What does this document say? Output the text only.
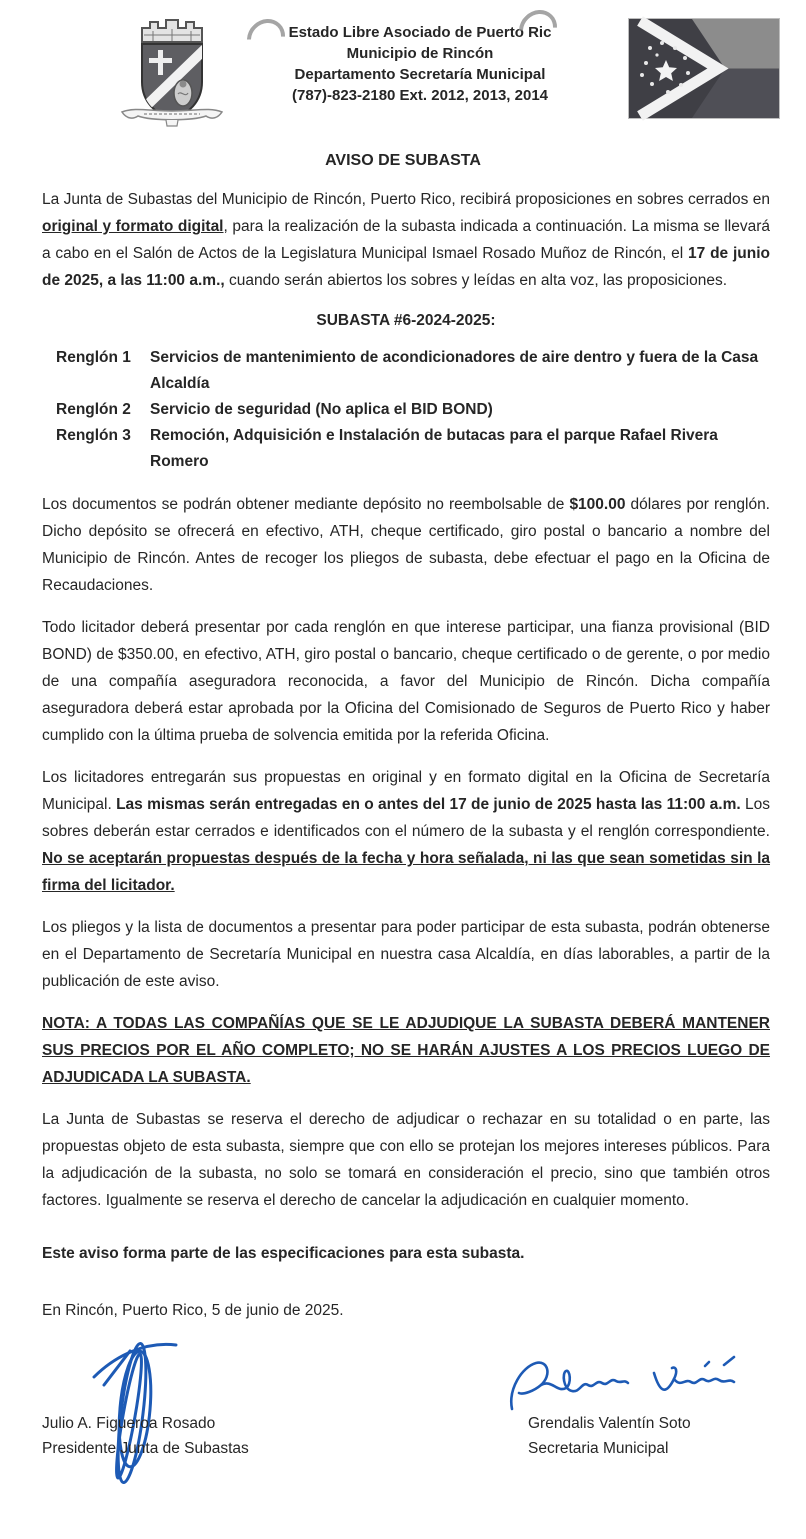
Estado Libre Asociado de Puerto Ric
Municipio de Rincón
Departamento Secretaría Municipal
(787)-823-2180 Ext. 2012, 2013, 2014
AVISO DE SUBASTA

La Junta de Subastas del Municipio de Rincón, Puerto Rico, recibirá proposiciones en sobres cerrados en original y formato digital, para la realización de la subasta indicada a continuación. La misma se llevará a cabo en el Salón de Actos de la Legislatura Municipal Ismael Rosado Muñoz de Rincón, el 17 de junio de 2025, a las 11:00 a.m., cuando serán abiertos los sobres y leídas en alta voz, las proposiciones.

SUBASTA #6-2024-2025:
Renglón 1	Servicios de mantenimiento de acondicionadores de aire dentro y fuera de la Casa Alcaldía
Renglón 2	Servicio de seguridad (No aplica el BID BOND)
Renglón 3	Remoción, Adquisición e Instalación de butacas para el parque Rafael Rivera Romero

Los documentos se podrán obtener mediante depósito no reembolsable de $100.00 dólares por renglón. Dicho depósito se ofrecerá en efectivo, ATH, cheque certificado, giro postal o bancario a nombre del Municipio de Rincón. Antes de recoger los pliegos de subasta, debe efectuar el pago en la Oficina de Recaudaciones.

Todo licitador deberá presentar por cada renglón en que interese participar, una fianza provisional (BID BOND) de $350.00, en efectivo, ATH, giro postal o bancario, cheque certificado o de gerente, o por medio de una compañía aseguradora reconocida, a favor del Municipio de Rincón. Dicha compañía aseguradora deberá estar aprobada por la Oficina del Comisionado de Seguros de Puerto Rico y haber cumplido con la última prueba de solvencia emitida por la referida Oficina.

Los licitadores entregarán sus propuestas en original y en formato digital en la Oficina de Secretaría Municipal. Las mismas serán entregadas en o antes del 17 de junio de 2025 hasta las 11:00 a.m. Los sobres deberán estar cerrados e identificados con el número de la subasta y el renglón correspondiente. No se aceptarán propuestas después de la fecha y hora señalada, ni las que sean sometidas sin la firma del licitador.

Los pliegos y la lista de documentos a presentar para poder participar de esta subasta, podrán obtenerse en el Departamento de Secretaría Municipal en nuestra casa Alcaldía, en días laborables, a partir de la publicación de este aviso.

NOTA: A TODAS LAS COMPAÑÍAS QUE SE LE ADJUDIQUE LA SUBASTA DEBERÁ MANTENER SUS PRECIOS POR EL AÑO COMPLETO; NO SE HARÁN AJUSTES A LOS PRECIOS LUEGO DE ADJUDICADA LA SUBASTA.

La Junta de Subastas se reserva el derecho de adjudicar o rechazar en su totalidad o en parte, las propuestas objeto de esta subasta, siempre que con ello se protejan los mejores intereses públicos. Para la adjudicación de la subasta, no solo se tomará en consideración el precio, sino que también otros factores. Igualmente se reserva el derecho de cancelar la adjudicación en cualquier momento.

Este aviso forma parte de las especificaciones para esta subasta.

En Rincón, Puerto Rico, 5 de junio de 2025.

Julio A. Figueroa Rosado
Presidente Junta de Subastas
Grendalis Valentín Soto
Secretaria Municipal
